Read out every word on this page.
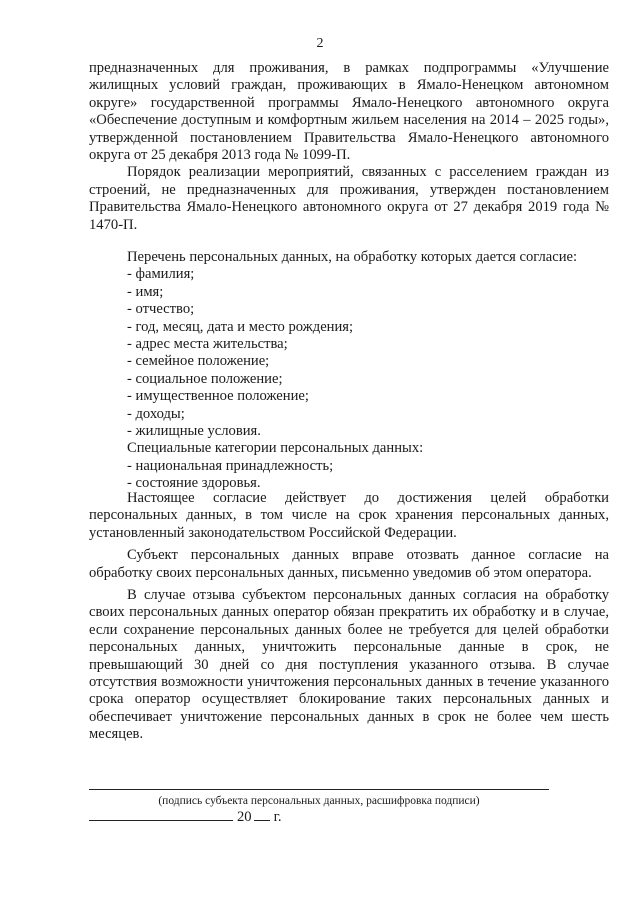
2

предназначенных для проживания, в рамках подпрограммы «Улучшение жилищных условий граждан, проживающих в Ямало-Ненецком автономном округе» государственной программы Ямало-Ненецкого автономного округа «Обеспечение доступным и комфортным жильем населения на 2014 – 2025 годы», утвержденной постановлением Правительства Ямало-Ненецкого автономного округа от 25 декабря 2013 года № 1099-П.

Порядок реализации мероприятий, связанных с расселением граждан из строений, не предназначенных для проживания, утвержден постановлением Правительства Ямало-Ненецкого автономного округа от 27 декабря 2019 года № 1470-П.

Перечень персональных данных, на обработку которых дается согласие:

- фамилия;

- имя;

- отчество;

- год, месяц, дата и место рождения;

- адрес места жительства;

- семейное положение;

- социальное положение;

- имущественное положение;

- доходы;

- жилищные условия.

Специальные категории персональных данных:

- национальная принадлежность;

- состояние здоровья.

Настоящее согласие действует до достижения целей обработки персональных данных, в том числе на срок хранения персональных данных, установленный законодательством Российской Федерации.

Субъект персональных данных вправе отозвать данное согласие на обработку своих персональных данных, письменно уведомив об этом оператора.

В случае отзыва субъектом персональных данных согласия на обработку своих персональных данных оператор обязан прекратить их обработку и в случае, если сохранение персональных данных более не требуется для целей обработки персональных данных, уничтожить персональные данные в срок, не превышающий 30 дней со дня поступления указанного отзыва. В случае отсутствия возможности уничтожения персональных данных в течение указанного срока оператор осуществляет блокирование таких персональных данных и обеспечивает уничтожение персональных данных в срок не более чем шесть месяцев.

(подпись субъекта персональных данных, расшифровка подписи)
20 г.
